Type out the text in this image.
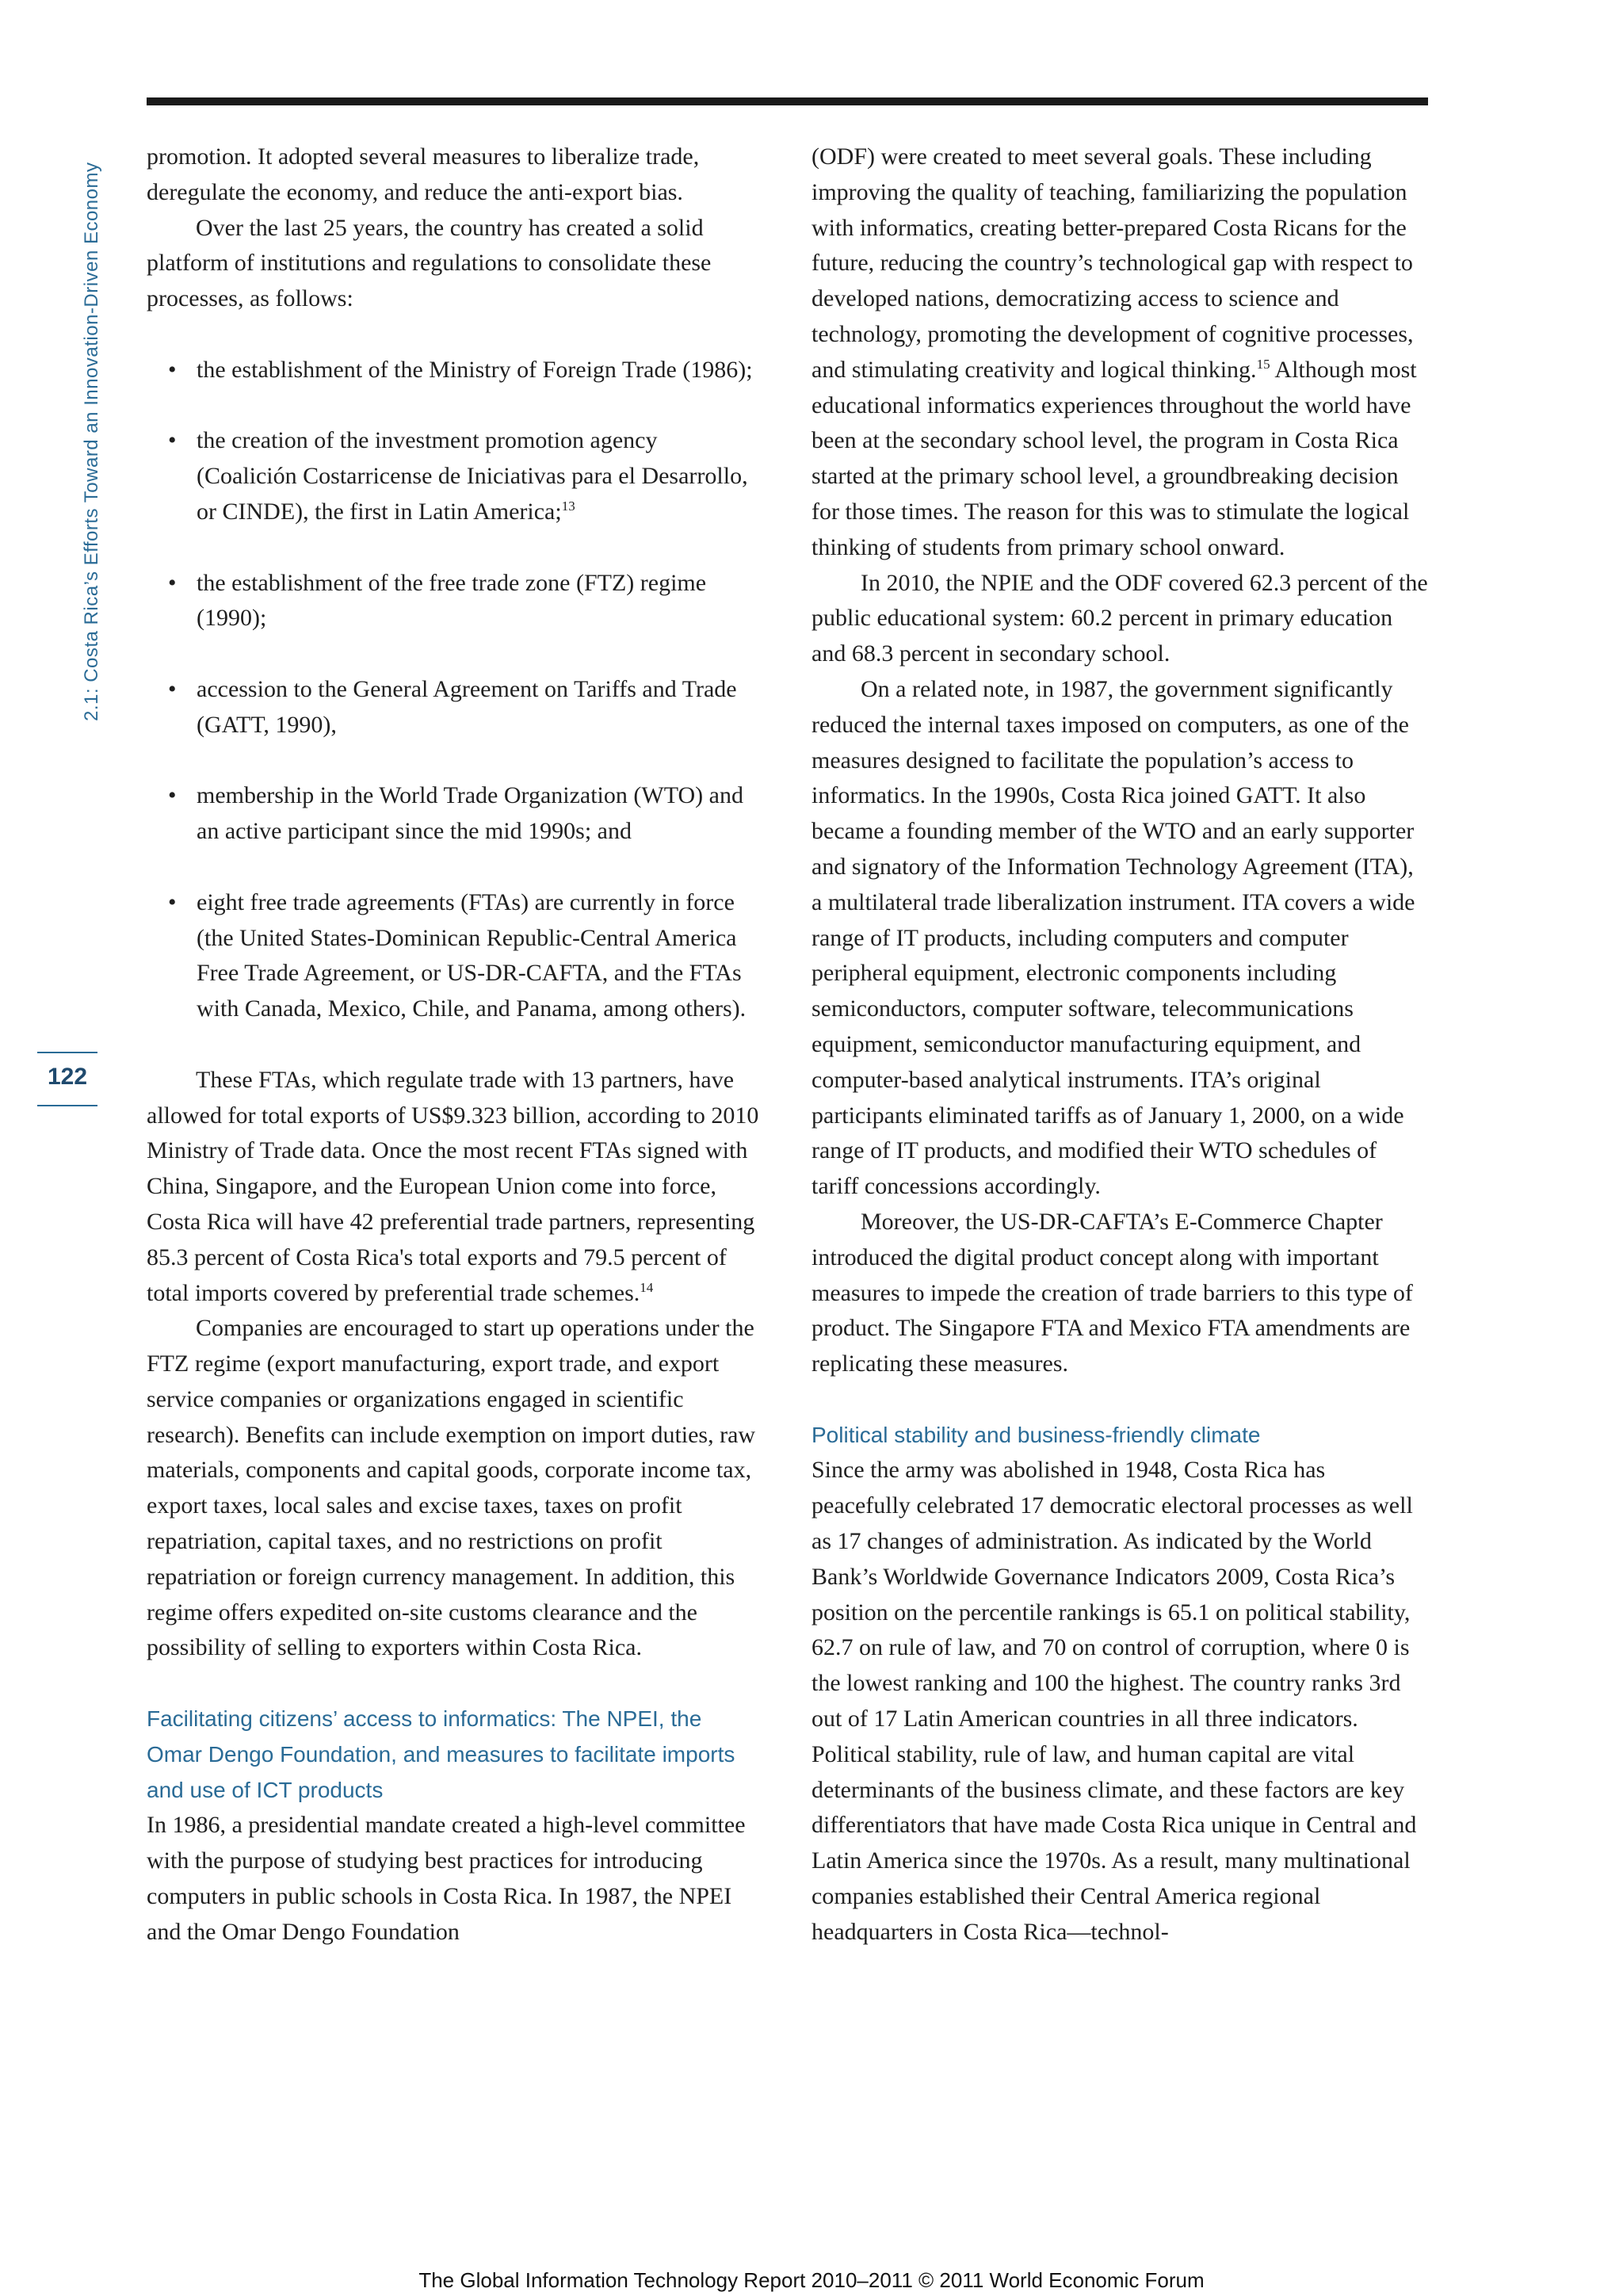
2.1: Costa Rica’s Efforts Toward an Innovation-Driven Economy
122

promotion. It adopted several measures to liberalize trade, deregulate the economy, and reduce the anti-export bias.

Over the last 25 years, the country has created a solid platform of institutions and regulations to consolidate these processes, as follows:

• the establishment of the Ministry of Foreign Trade (1986);
• the creation of the investment promotion agency (Coalición Costarricense de Iniciativas para el Desarrollo, or CINDE), the first in Latin America;$^{13}$
• the establishment of the free trade zone (FTZ) regime (1990);
• accession to the General Agreement on Tariffs and Trade (GATT, 1990),
• membership in the World Trade Organization (WTO) and an active participant since the mid 1990s; and
• eight free trade agreements (FTAs) are currently in force (the United States-Dominican Republic-Central America Free Trade Agreement, or US-DR-CAFTA, and the FTAs with Canada, Mexico, Chile, and Panama, among others).

These FTAs, which regulate trade with 13 partners, have allowed for total exports of US$9.323 billion, according to 2010 Ministry of Trade data. Once the most recent FTAs signed with China, Singapore, and the European Union come into force, Costa Rica will have 42 preferential trade partners, representing 85.3 percent of Costa Rica's total exports and 79.5 percent of total imports covered by preferential trade schemes.$^{14}$

Companies are encouraged to start up operations under the FTZ regime (export manufacturing, export trade, and export service companies or organizations engaged in scientific research). Benefits can include exemption on import duties, raw materials, components and capital goods, corporate income tax, export taxes, local sales and excise taxes, taxes on profit repatriation, capital taxes, and no restrictions on profit repatriation or foreign currency management. In addition, this regime offers expedited on-site customs clearance and the possibility of selling to exporters within Costa Rica.

Facilitating citizens’ access to informatics: The NPEI, the Omar Dengo Foundation, and measures to facilitate imports and use of ICT products

In 1986, a presidential mandate created a high-level committee with the purpose of studying best practices for introducing computers in public schools in Costa Rica. In 1987, the NPEI and the Omar Dengo Foundation

(ODF) were created to meet several goals. These including improving the quality of teaching, familiarizing the population with informatics, creating better-prepared Costa Ricans for the future, reducing the country’s technological gap with respect to developed nations, democratizing access to science and technology, promoting the development of cognitive processes, and stimulating creativity and logical thinking.$^{15}$ Although most educational informatics experiences throughout the world have been at the secondary school level, the program in Costa Rica started at the primary school level, a groundbreaking decision for those times. The reason for this was to stimulate the logical thinking of students from primary school onward.

In 2010, the NPIE and the ODF covered 62.3 percent of the public educational system: 60.2 percent in primary education and 68.3 percent in secondary school.

On a related note, in 1987, the government significantly reduced the internal taxes imposed on computers, as one of the measures designed to facilitate the population’s access to informatics. In the 1990s, Costa Rica joined GATT. It also became a founding member of the WTO and an early supporter and signatory of the Information Technology Agreement (ITA), a multilateral trade liberalization instrument. ITA covers a wide range of IT products, including computers and computer peripheral equipment, electronic components including semiconductors, computer software, telecommunications equipment, semiconductor manufacturing equipment, and computer-based analytical instruments. ITA’s original participants eliminated tariffs as of January 1, 2000, on a wide range of IT products, and modified their WTO schedules of tariff concessions accordingly.

Moreover, the US-DR-CAFTA’s E-Commerce Chapter introduced the digital product concept along with important measures to impede the creation of trade barriers to this type of product. The Singapore FTA and Mexico FTA amendments are replicating these measures.

Political stability and business-friendly climate

Since the army was abolished in 1948, Costa Rica has peacefully celebrated 17 democratic electoral processes as well as 17 changes of administration. As indicated by the World Bank’s Worldwide Governance Indicators 2009, Costa Rica’s position on the percentile rankings is 65.1 on political stability, 62.7 on rule of law, and 70 on control of corruption, where 0 is the lowest ranking and 100 the highest. The country ranks 3rd out of 17 Latin American countries in all three indicators. Political stability, rule of law, and human capital are vital determinants of the business climate, and these factors are key differentiators that have made Costa Rica unique in Central and Latin America since the 1970s. As a result, many multinational companies established their Central America regional headquarters in Costa Rica—technol-

The Global Information Technology Report 2010–2011 © 2011 World Economic Forum
